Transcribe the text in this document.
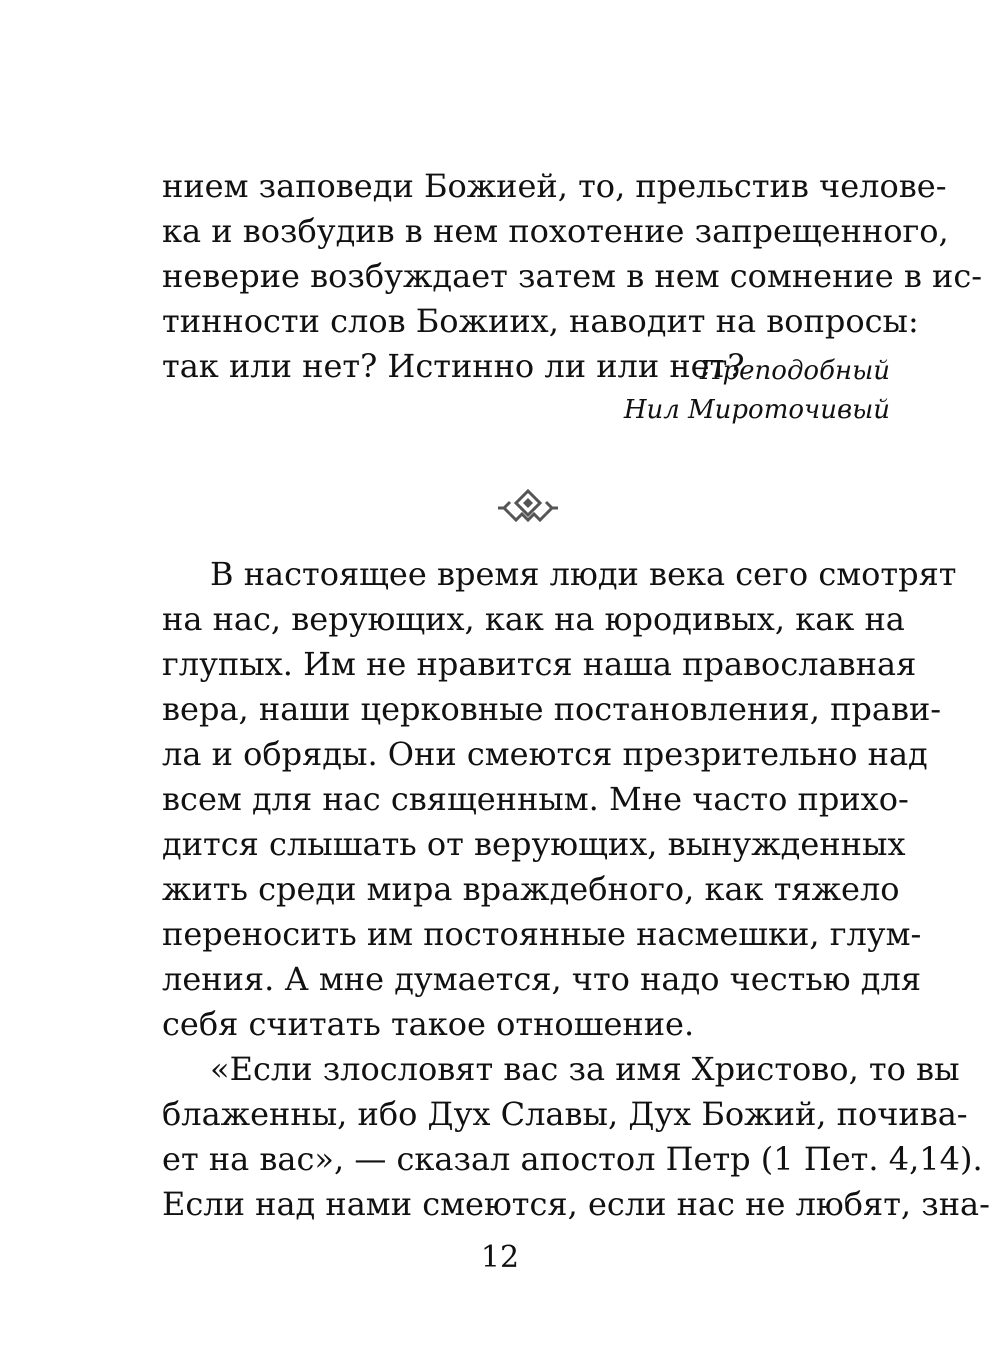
нием заповеди Божией, то, прельстив челове-
ка и возбудив в нем похотение запрещенного,
неверие возбуждает затем в нем сомнение в ис-
тинности слов Божиих, наводит на вопросы:
так или нет? Истинно ли или нет?
Преподобный
Нил Мироточивый
В настоящее время люди века сего смотрят
на нас, верующих, как на юродивых, как на
глупых. Им не нравится наша православная
вера, наши церковные постановления, прави-
ла и обряды. Они смеются презрительно над
всем для нас священным. Мне часто прихо-
дится слышать от верующих, вынужденных
жить среди мира враждебного, как тяжело
переносить им постоянные насмешки, глум-
ления. А мне думается, что надо честью для
себя считать такое отношение.
«Если злословят вас за имя Христово, то вы
блаженны, ибо Дух Славы, Дух Божий, почива-
ет на вас», — сказал апостол Петр (1 Пет. 4,14).
Если над нами смеются, если нас не любят, зна-
12
